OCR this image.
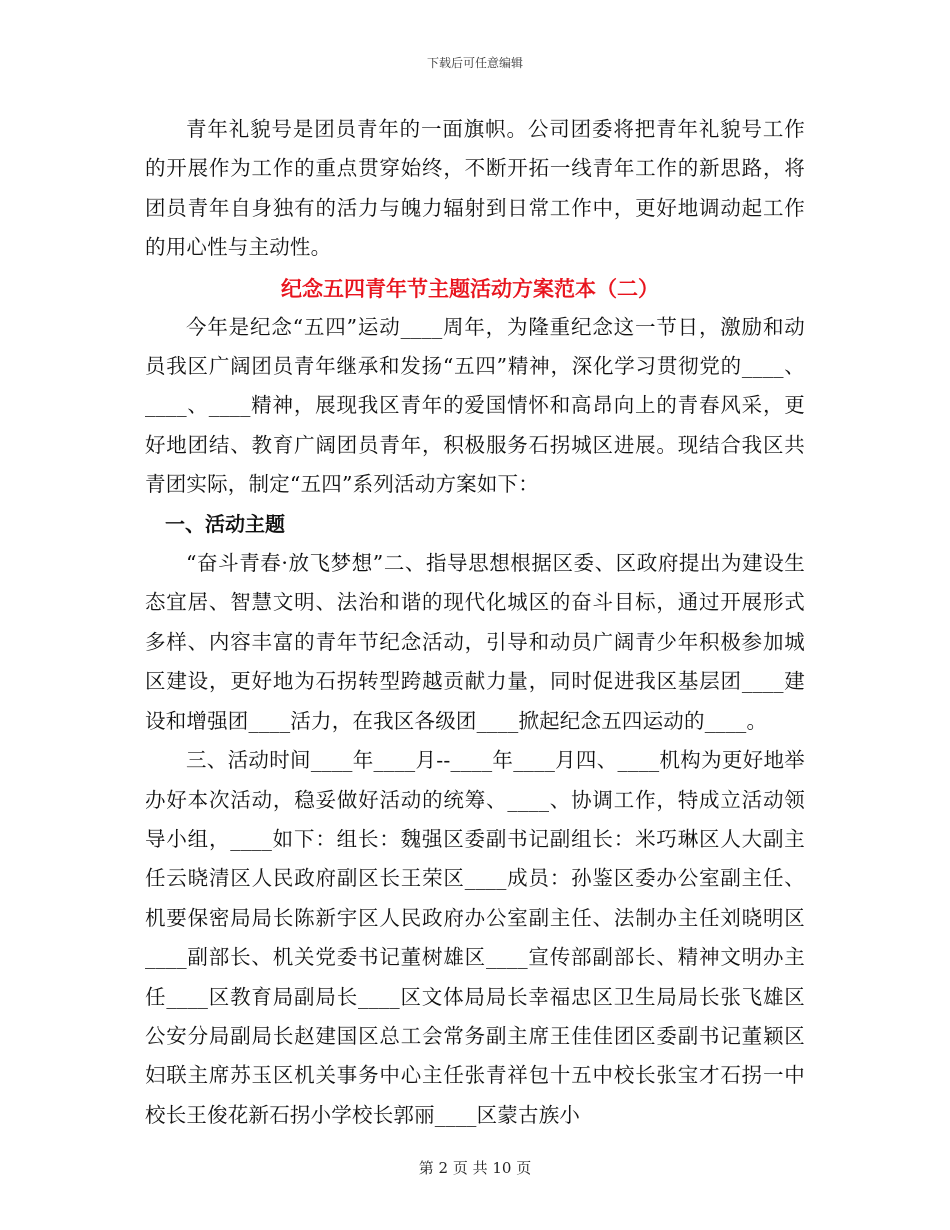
下载后可任意编辑

青年礼貌号是团员青年的一面旗帜。公司团委将把青年礼貌号工作的开展作为工作的重点贯穿始终，不断开拓一线青年工作的新思路，将团员青年自身独有的活力与魄力辐射到日常工作中，更好地调动起工作的用心性与主动性。

纪念五四青年节主题活动方案范本（二）

今年是纪念“五四”运动____周年，为隆重纪念这一节日，激励和动员我区广阔团员青年继承和发扬“五四”精神，深化学习贯彻党的____、____、____精神，展现我区青年的爱国情怀和高昂向上的青春风采，更好地团结、教育广阔团员青年，积极服务石拐城区进展。现结合我区共青团实际，制定“五四”系列活动方案如下：

一、活动主题

“奋斗青春·放飞梦想”二、指导思想根据区委、区政府提出为建设生态宜居、智慧文明、法治和谐的现代化城区的奋斗目标，通过开展形式多样、内容丰富的青年节纪念活动，引导和动员广阔青少年积极参加城区建设，更好地为石拐转型跨越贡献力量，同时促进我区基层团____建设和增强团____活力，在我区各级团____掀起纪念五四运动的____。

三、活动时间____年____月--____年____月四、____机构为更好地举办好本次活动，稳妥做好活动的统筹、____、协调工作，特成立活动领导小组，____如下：组长：魏强区委副书记副组长：米巧琳区人大副主任云晓清区人民政府副区长王荣区____成员：孙鉴区委办公室副主任、机要保密局局长陈新宇区人民政府办公室副主任、法制办主任刘晓明区____副部长、机关党委书记董树雄区____宣传部副部长、精神文明办主任____区教育局副局长____区文体局局长幸福忠区卫生局局长张飞雄区公安分局副局长赵建国区总工会常务副主席王佳佳团区委副书记董颖区妇联主席苏玉区机关事务中心主任张青祥包十五中校长张宝才石拐一中校长王俊花新石拐小学校长郭丽____区蒙古族小

第 2 页 共 10 页
